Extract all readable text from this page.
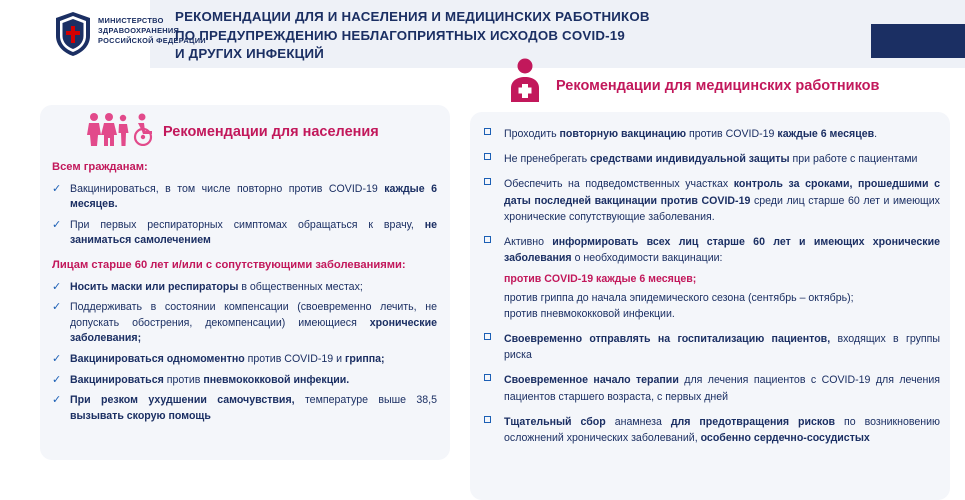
МИНИСТЕРСТВО
ЗДРАВООХРАНЕНИЯ
РОССИЙСКОЙ ФЕДЕРАЦИИ
РЕКОМЕНДАЦИИ ДЛЯ И НАСЕЛЕНИЯ И МЕДИЦИНСКИХ РАБОТНИКОВ
ПО ПРЕДУПРЕЖДЕНИЮ НЕБЛАГОПРИЯТНЫХ ИСХОДОВ COVID-19
И ДРУГИХ ИНФЕКЦИЙ
Рекомендации для населения
Всем гражданам:
✓ Вакцинироваться, в том числе повторно против COVID-19 каждые 6 месяцев.
✓ При первых респираторных симптомах обращаться к врачу, не заниматься самолечением
Лицам старше 60 лет и/или с сопутствующими заболеваниями:
✓ Носить маски или респираторы в общественных местах;
✓ Поддерживать в состоянии компенсации (своевременно лечить, не допускать обострения, декомпенсации) имеющиеся хронические заболевания;
✓ Вакцинироваться одномоментно против COVID-19 и гриппа;
✓ Вакцинироваться против пневмококковой инфекции.
✓ При резком ухудшении самочувствия, температуре выше 38,5 вызывать скорую помощь
Рекомендации для медицинских работников
Проходить повторную вакцинацию против COVID-19 каждые 6 месяцев.
Не пренебрегать средствами индивидуальной защиты при работе с пациентами
Обеспечить на подведомственных участках контроль за сроками, прошедшими с даты последней вакцинации против COVID-19 среди лиц старше 60 лет и имеющих хронические сопутствующие заболевания.
Активно информировать всех лиц старше 60 лет и имеющих хронические заболевания о необходимости вакцинации:
против COVID-19 каждые 6 месяцев;
против гриппа до начала эпидемического сезона (сентябрь – октябрь);
против пневмококковой инфекции.
Своевременно отправлять на госпитализацию пациентов, входящих в группы риска
Своевременное начало терапии для лечения пациентов с COVID-19 для лечения пациентов старшего возраста, с первых дней
Тщательный сбор анамнеза для предотвращения рисков по возникновению осложнений хронических заболеваний, особенно сердечно-сосудистых
